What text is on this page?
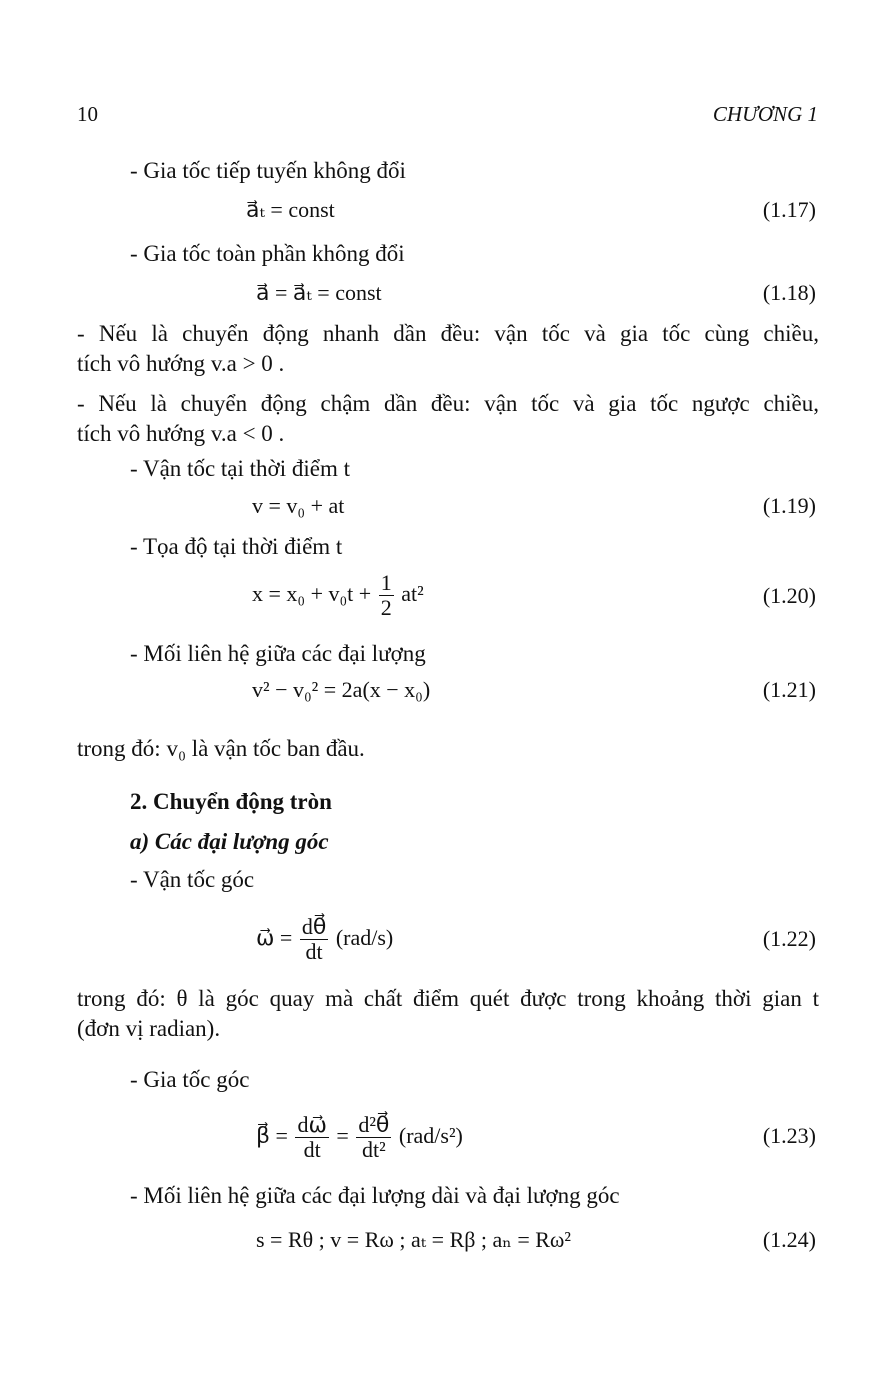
10	CHƯƠNG 1
- Gia tốc tiếp tuyến không đổi
a⃗ₜ = const	(1.17)
- Gia tốc toàn phần không đổi
a⃗ = a⃗ₜ = const	(1.18)
- Nếu là chuyển động nhanh dần đều: vận tốc và gia tốc cùng chiều,
tích vô hướng v.a > 0 .
- Nếu là chuyển động chậm dần đều: vận tốc và gia tốc ngược chiều,
tích vô hướng v.a < 0 .
- Vận tốc tại thời điểm t
v = v₀ + at	(1.19)
- Tọa độ tại thời điểm t
$x = x_0 + v_0t + \frac{1}{2} at^2$	(1.20)
- Mối liên hệ giữa các đại lượng
v² − v₀² = 2a(x − x₀)	(1.21)
trong đó: v₀ là vận tốc ban đầu.
2. Chuyển động tròn
a) Các đại lượng góc
- Vận tốc góc
ω⃗ = $\frac{d\theta⃗}{dt} (rad/s)$	(1.22)
trong đó: θ là góc quay mà chất điểm quét được trong khoảng thời gian t
(đơn vị radian).
- Gia tốc góc
β⃗ = $\frac{d\omega⃗}{dt} = \frac{\text{d²θ⃗}}{\text{dt²}} (rad/s^2)$	(1.23)
- Mối liên hệ giữa các đại lượng dài và đại lượng góc
s = Rθ ; v = Rω ; aₜ = Rβ ; aₙ = Rω²	(1.24)
